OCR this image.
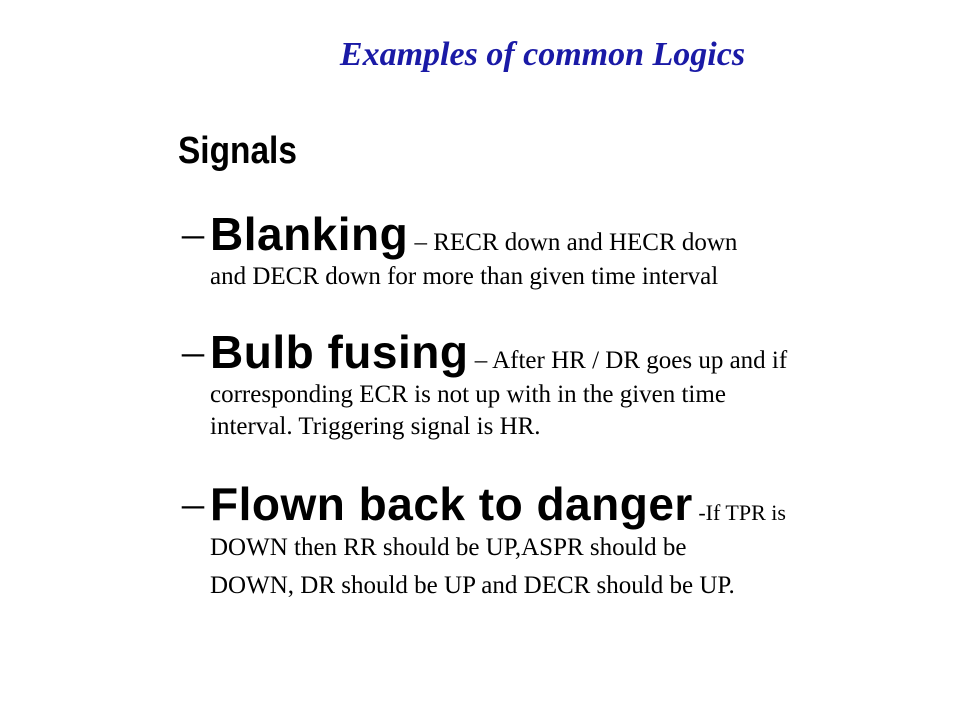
Examples of common Logics
Signals
– Blanking – RECR down and HECR down
and DECR down for more than given time interval
– Bulb fusing – After HR / DR goes up and if
corresponding ECR is not up with in the given time
interval. Triggering signal is HR.
– Flown back to danger -If TPR is
DOWN then RR should be UP,ASPR should be
DOWN, DR should be UP and DECR should be UP.
